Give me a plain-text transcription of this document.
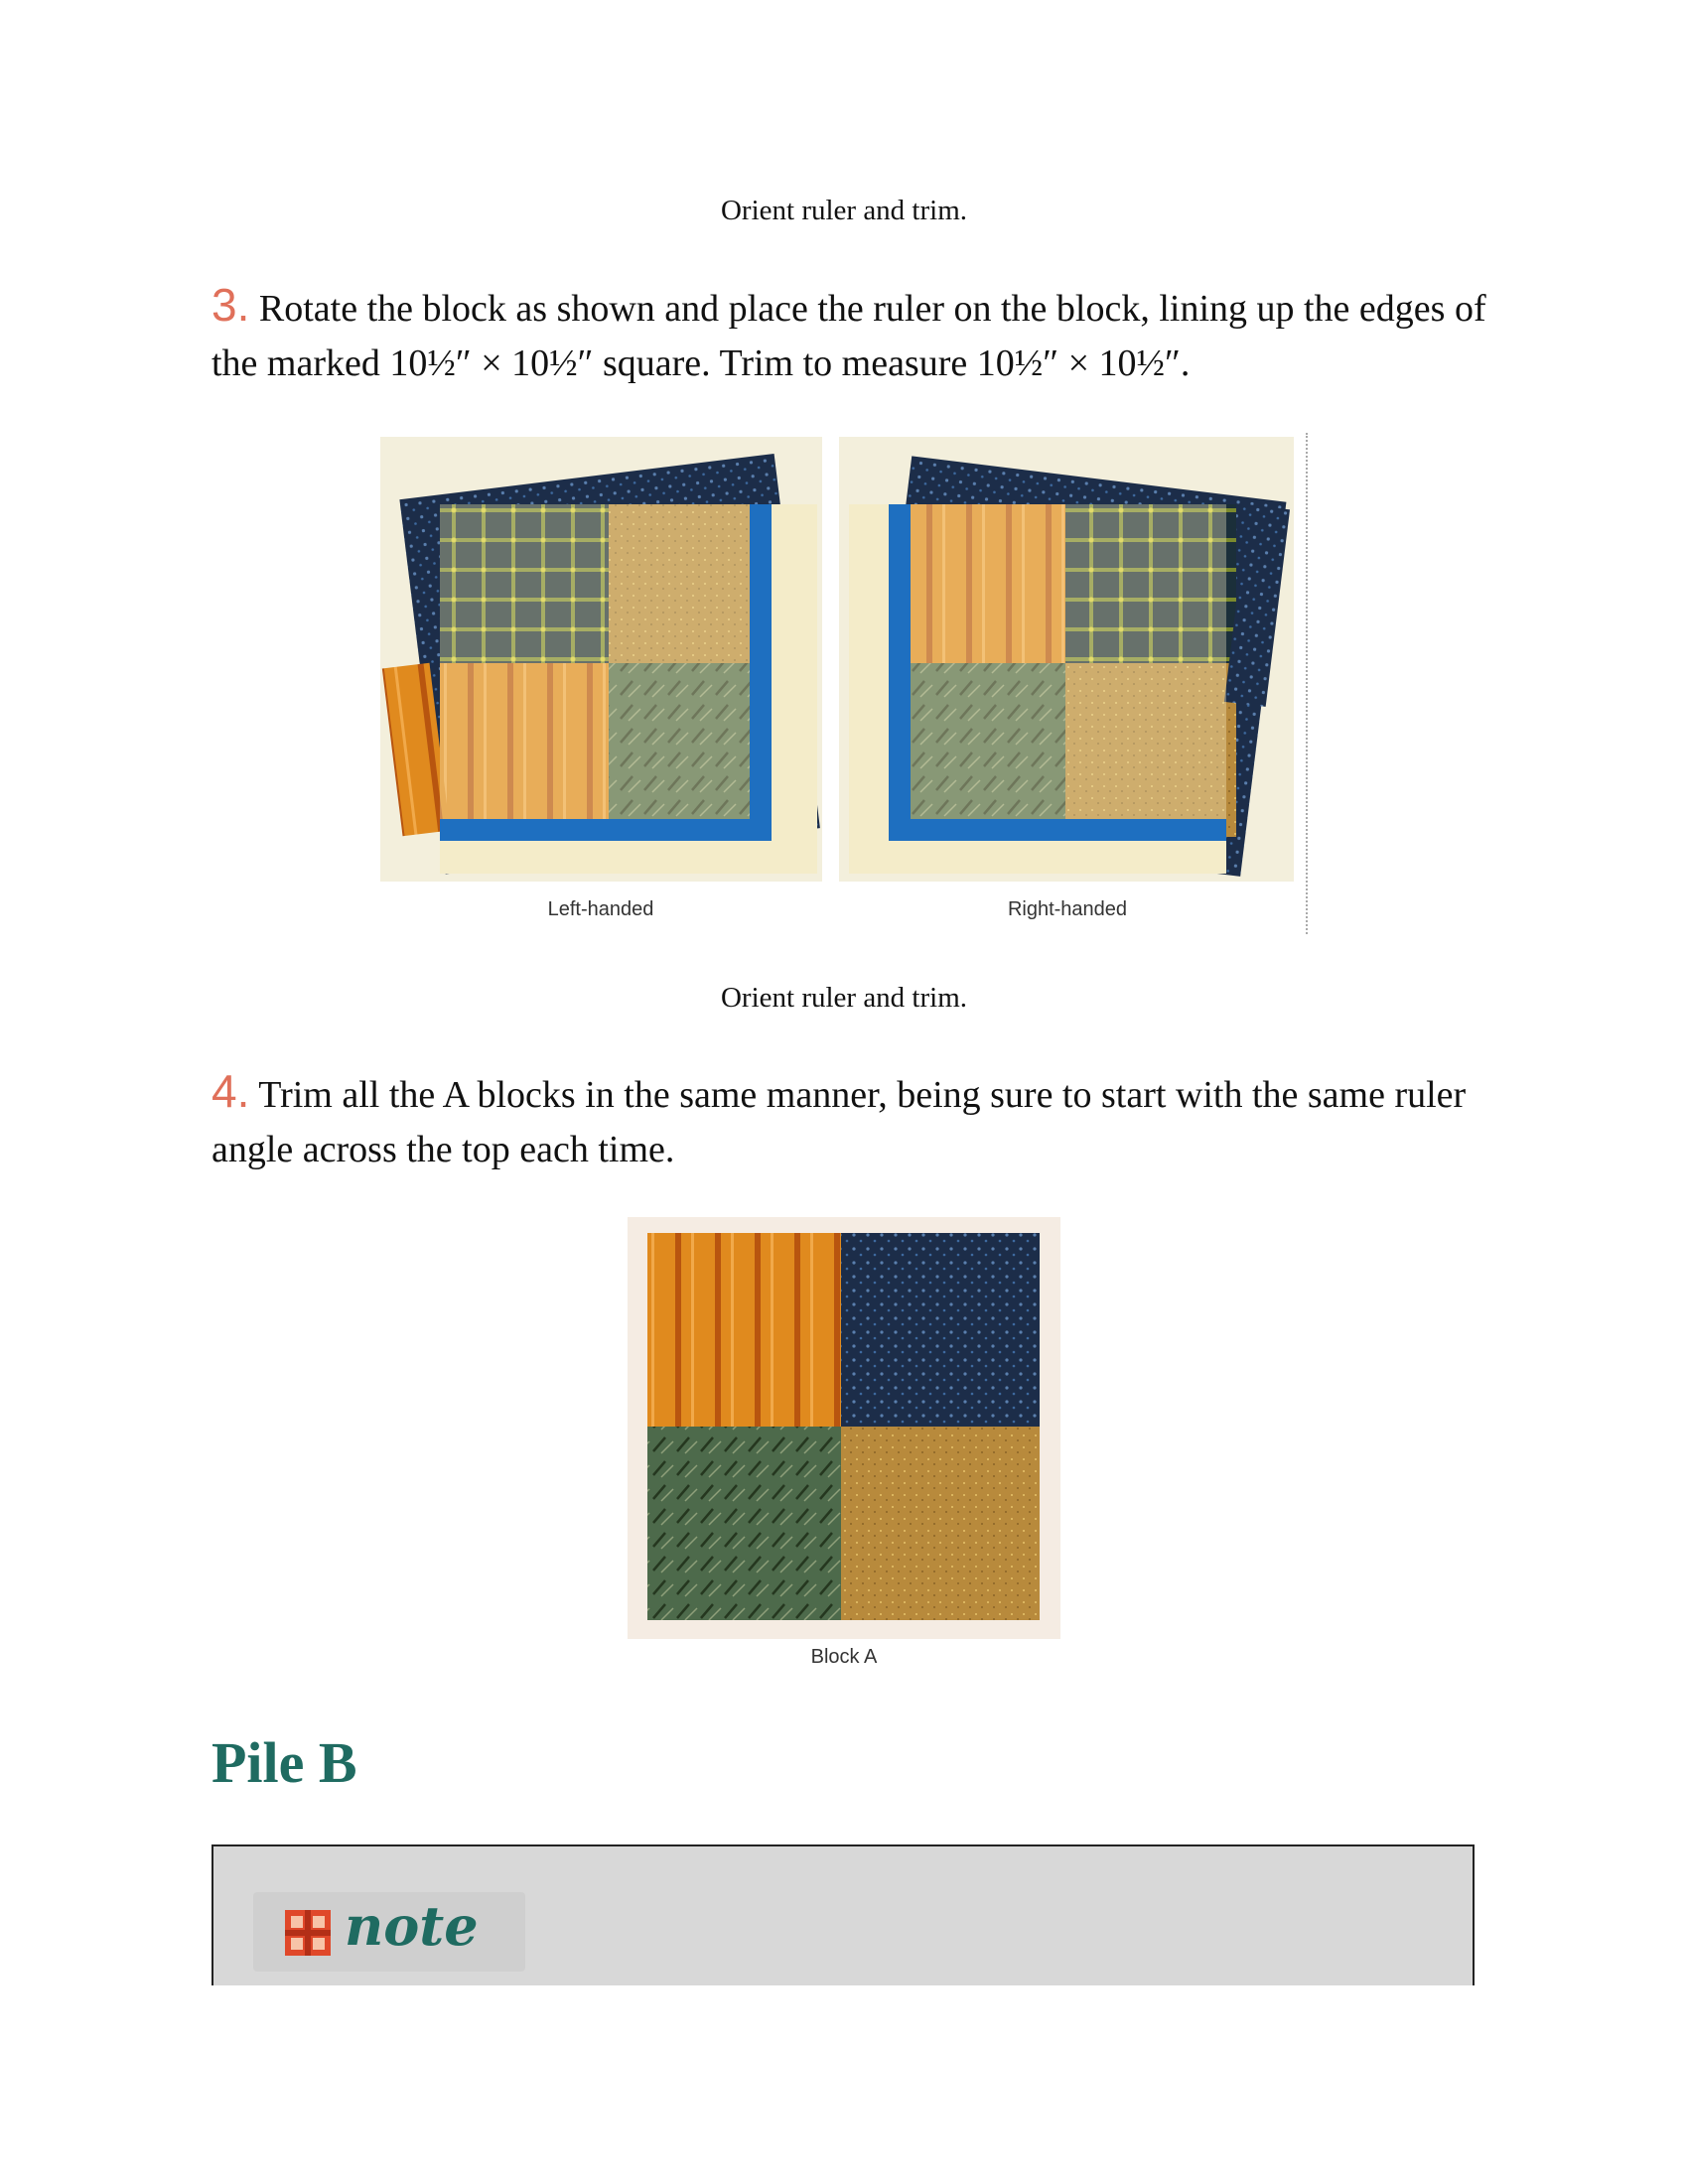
Orient ruler and trim.
3. Rotate the block as shown and place the ruler on the block, lining up the edges of the marked 10½″ × 10½″ square. Trim to measure 10½″ × 10½″.
Left-handed	Right-handed
Orient ruler and trim.
4. Trim all the A blocks in the same manner, being sure to start with the same ruler angle across the top each time.
Block A
Pile B
note
